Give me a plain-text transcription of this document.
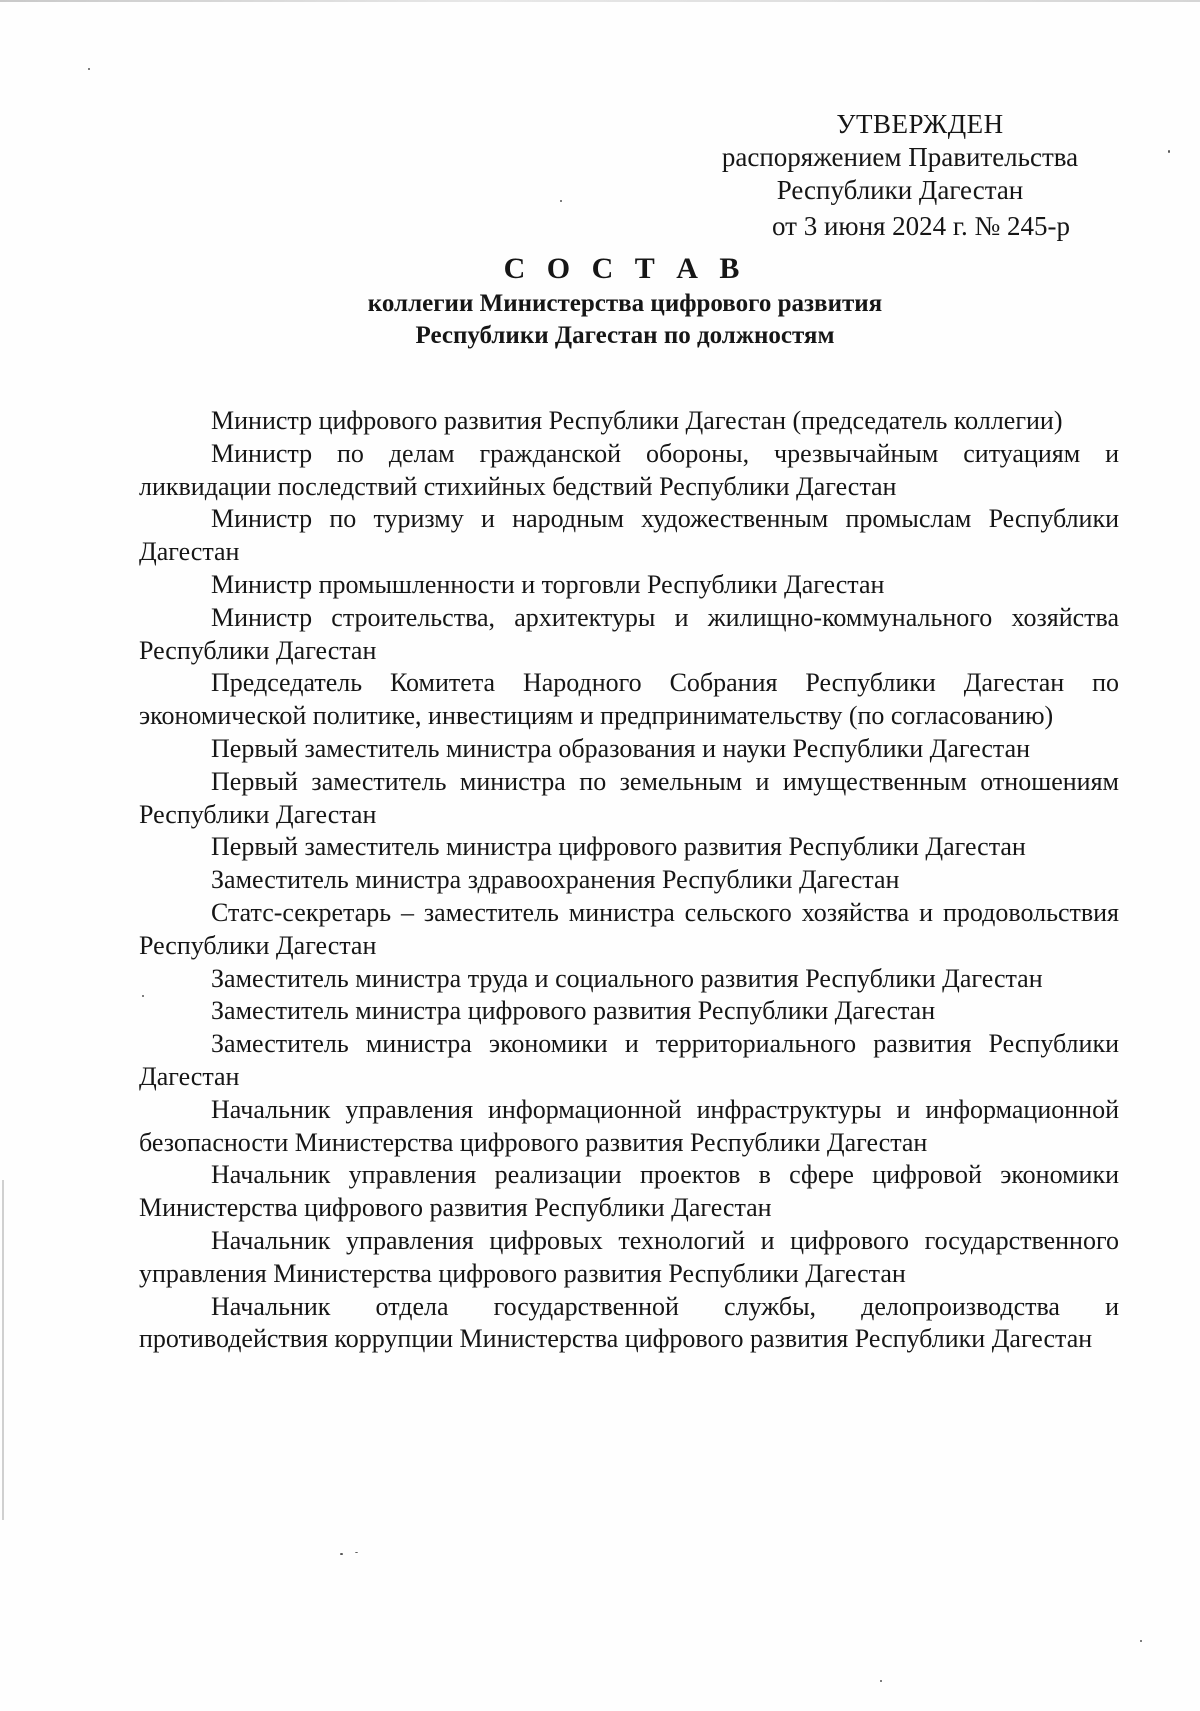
УТВЕРЖДЕН
распоряжением Правительства
Республики Дагестан
от 3 июня 2024 г. № 245-р
С О С Т А В
коллегии Министерства цифрового развития
Республики Дагестан по должностям

Министр цифрового развития Республики Дагестан (председатель коллегии)

Министр по делам гражданской обороны, чрезвычайным ситуациям и ликвидации последствий стихийных бедствий Республики Дагестан

Министр по туризму и народным художественным промыслам Республики Дагестан

Министр промышленности и торговли Республики Дагестан

Министр строительства, архитектуры и жилищно-коммунального хозяйства Республики Дагестан

Председатель Комитета Народного Собрания Республики Дагестан по экономической политике, инвестициям и предпринимательству (по согласованию)

Первый заместитель министра образования и науки Республики Дагестан

Первый заместитель министра по земельным и имущественным отношениям Республики Дагестан

Первый заместитель министра цифрового развития Республики Дагестан

Заместитель министра здравоохранения Республики Дагестан

Статс-секретарь – заместитель министра сельского хозяйства и продовольствия Республики Дагестан

Заместитель министра труда и социального развития Республики Дагестан

Заместитель министра цифрового развития Республики Дагестан

Заместитель министра экономики и территориального развития Республики Дагестан

Начальник управления информационной инфраструктуры и информационной безопасности Министерства цифрового развития Республики Дагестан

Начальник управления реализации проектов в сфере цифровой экономики Министерства цифрового развития Республики Дагестан

Начальник управления цифровых технологий и цифрового государственного управления Министерства цифрового развития Республики Дагестан

Начальник отдела государственной службы, делопроизводства и противодействия коррупции Министерства цифрового развития Республики Дагестан
